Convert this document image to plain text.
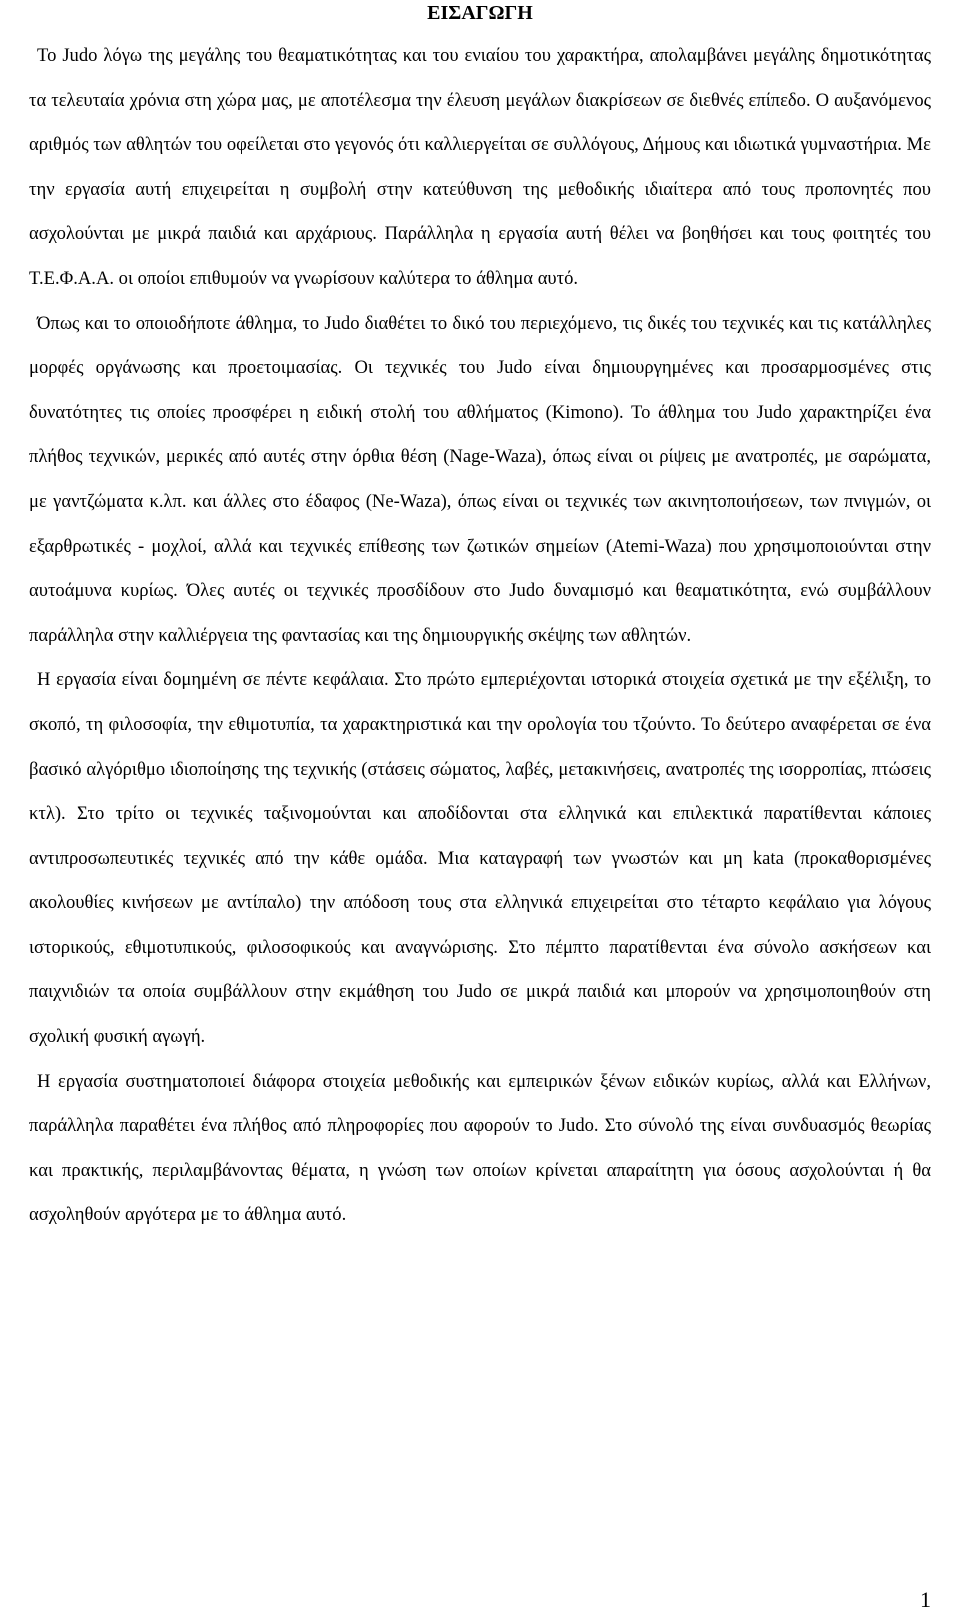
ΕΙΣΑΓΩΓΗ

Το Judo λόγω της μεγάλης του θεαματικότητας και του ενιαίου του χαρακτήρα, απολαμβάνει μεγάλης δημοτικότητας τα τελευταία χρόνια στη χώρα μας, με αποτέλεσμα την έλευση μεγάλων διακρίσεων σε διεθνές επίπεδο. Ο αυξανόμενος αριθμός των αθλητών του οφείλεται στο γεγονός ότι καλλιεργείται σε συλλόγους, Δήμους και ιδιωτικά γυμναστήρια. Με την εργασία αυτή επιχειρείται η συμβολή στην κατεύθυνση της μεθοδικής ιδιαίτερα από τους προπονητές που ασχολούνται με μικρά παιδιά και αρχάριους. Παράλληλα η εργασία αυτή θέλει να βοηθήσει και τους φοιτητές του Τ.Ε.Φ.Α.Α. οι οποίοι επιθυμούν να γνωρίσουν καλύτερα το άθλημα αυτό.

Όπως και το οποιοδήποτε άθλημα, το Judo διαθέτει το δικό του περιεχόμενο, τις δικές του τεχνικές και τις κατάλληλες μορφές οργάνωσης και προετοιμασίας. Οι τεχνικές του Judo είναι δημιουργημένες και προσαρμοσμένες στις δυνατότητες τις οποίες προσφέρει η ειδική στολή του αθλήματος (Kimono). Το άθλημα του Judo χαρακτηρίζει ένα πλήθος τεχνικών, μερικές από αυτές στην όρθια θέση (Nage-Waza), όπως είναι οι ρίψεις με ανατροπές, με σαρώματα, με γαντζώματα κ.λπ. και άλλες στο έδαφος (Ne-Waza), όπως είναι οι τεχνικές των ακινητοποιήσεων, των πνιγμών, οι εξαρθρωτικές - μοχλοί, αλλά και τεχνικές επίθεσης των ζωτικών σημείων (Atemi-Waza) που χρησιμοποιούνται στην αυτοάμυνα κυρίως. Όλες αυτές οι τεχνικές προσδίδουν στο Judo δυναμισμό και θεαματικότητα, ενώ συμβάλλουν παράλληλα στην καλλιέργεια της φαντασίας και της δημιουργικής σκέψης των αθλητών.

Η εργασία είναι δομημένη σε πέντε κεφάλαια. Στο πρώτο εμπεριέχονται ιστορικά στοιχεία σχετικά με την εξέλιξη, το σκοπό, τη φιλοσοφία, την εθιμοτυπία, τα χαρακτηριστικά και την ορολογία του τζούντο. Το δεύτερο αναφέρεται σε ένα βασικό αλγόριθμο ιδιοποίησης της τεχνικής (στάσεις σώματος, λαβές, μετακινήσεις, ανατροπές της ισορροπίας, πτώσεις κτλ). Στο τρίτο οι τεχνικές ταξινομούνται και αποδίδονται στα ελληνικά και επιλεκτικά παρατίθενται κάποιες αντιπροσωπευτικές τεχνικές από την κάθε ομάδα. Μια καταγραφή των γνωστών και μη kata (προκαθορισμένες ακολουθίες κινήσεων με αντίπαλο) την απόδοση τους στα ελληνικά επιχειρείται στο τέταρτο κεφάλαιο για λόγους ιστορικούς, εθιμοτυπικούς, φιλοσοφικούς και αναγνώρισης. Στο πέμπτο παρατίθενται ένα σύνολο ασκήσεων και παιχνιδιών τα οποία συμβάλλουν στην εκμάθηση του Judo σε μικρά παιδιά και μπορούν να χρησιμοποιηθούν στη σχολική φυσική αγωγή.

Η εργασία συστηματοποιεί διάφορα στοιχεία μεθοδικής και εμπειρικών ξένων ειδικών κυρίως, αλλά και Ελλήνων, παράλληλα παραθέτει ένα πλήθος από πληροφορίες που αφορούν το Judo. Στο σύνολό της είναι συνδυασμός θεωρίας και πρακτικής, περιλαμβάνοντας θέματα, η γνώση των οποίων κρίνεται απαραίτητη για όσους ασχολούνται ή θα ασχοληθούν αργότερα με το άθλημα αυτό.

1
